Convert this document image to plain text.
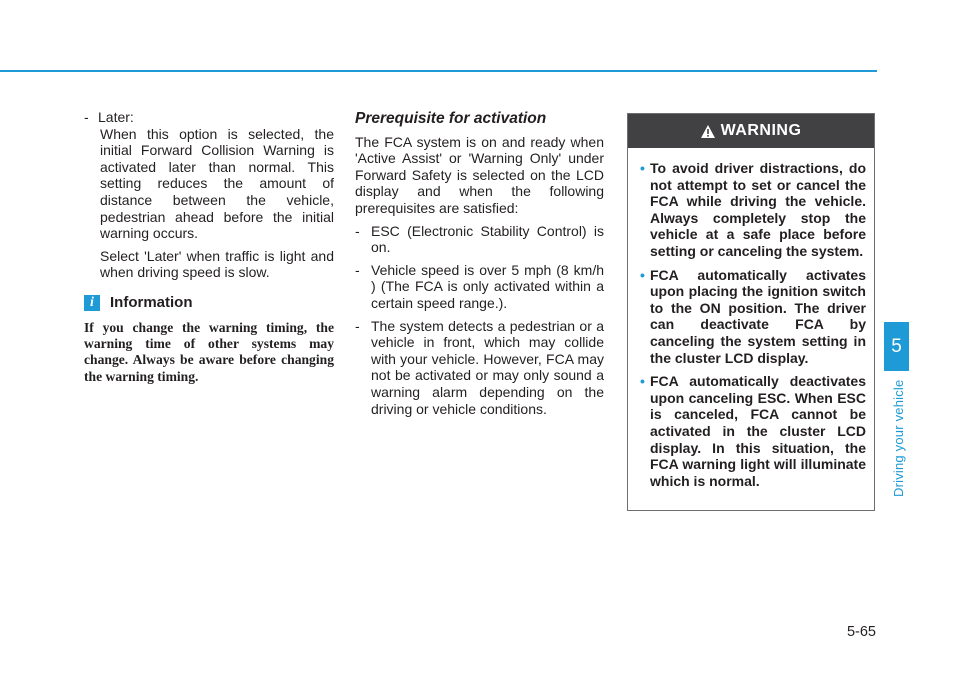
5
Driving your vehicle
- Later:
When this option is selected, the initial Forward Collision Warning is activated later than normal. This setting reduces the amount of distance between the vehicle, pedestrian ahead before the initial warning occurs.
Select 'Later' when traffic is light and when driving speed is slow.
i	Information
If you change the warning timing, the warning time of other systems may change. Always be aware before changing the warning timing.
Prerequisite for activation
The FCA system is on and ready when 'Active Assist' or 'Warning Only' under Forward Safety is selected on the LCD display and when the following prerequisites are satisfied:
- ESC (Electronic Stability Control) is on.
- Vehicle speed is over 5 mph (8 km/h ) (The FCA is only activated within a certain speed range.).
- The system detects a pedestrian or a vehicle in front, which may collide with your vehicle. However, FCA may not be activated or may only sound a warning alarm depending on the driving or vehicle conditions.
WARNING
• To avoid driver distractions, do not attempt to set or cancel the FCA while driving the vehicle. Always completely stop the vehicle at a safe place before setting or canceling the system.
• FCA automatically activates upon placing the ignition switch to the ON position. The driver can deactivate FCA by canceling the system setting in the cluster LCD display.
• FCA automatically deactivates upon canceling ESC. When ESC is canceled, FCA cannot be activated in the cluster LCD display. In this situation, the FCA warning light will illuminate which is normal.
5-65
